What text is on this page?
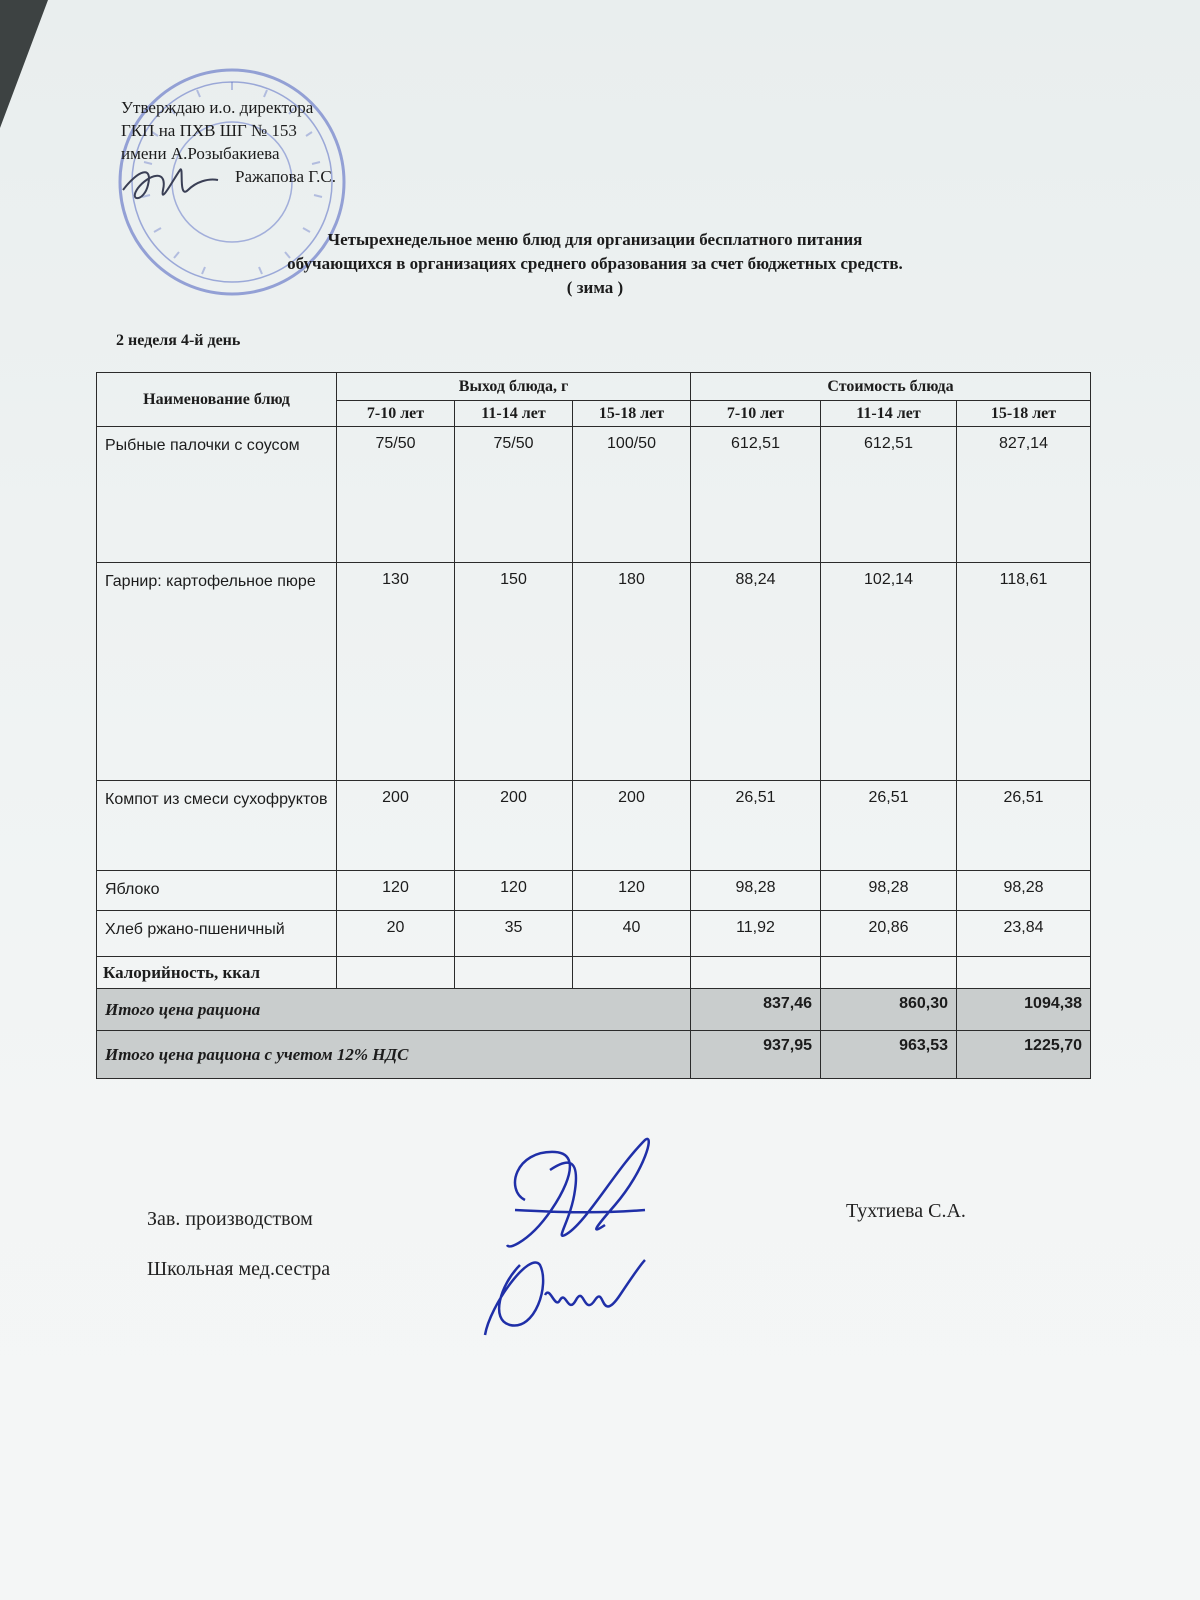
Утверждаю и.о. директора
ГКП на ПХВ ШГ № 153
имени А.Розыбакиева
Ражапова Г.С.
Четырехнедельное меню блюд для организации бесплатного питания
обучающихся в организациях среднего образования за счет бюджетных средств.
( зима )
2 неделя 4-й день
Наименование блюд	Выход блюда, г			Стоимость блюда		
	7-10 лет	11-14 лет	15-18 лет	7-10 лет	11-14 лет	15-18 лет
Рыбные палочки с соусом	75/50	75/50	100/50	612,51	612,51	827,14
Гарнир: картофельное пюре	130	150	180	88,24	102,14	118,61
Компот из смеси сухофруктов	200	200	200	26,51	26,51	26,51
Яблоко	120	120	120	98,28	98,28	98,28
Хлеб ржано-пшеничный	20	35	40	11,92	20,86	23,84
Калорийность, ккал						
Итого цена рациона				837,46	860,30	1094,38
Итого цена рациона с учетом 12% НДС				937,95	963,53	1225,70
Зав. производством	Тухтиева С.А.
Школьная мед.сестра
